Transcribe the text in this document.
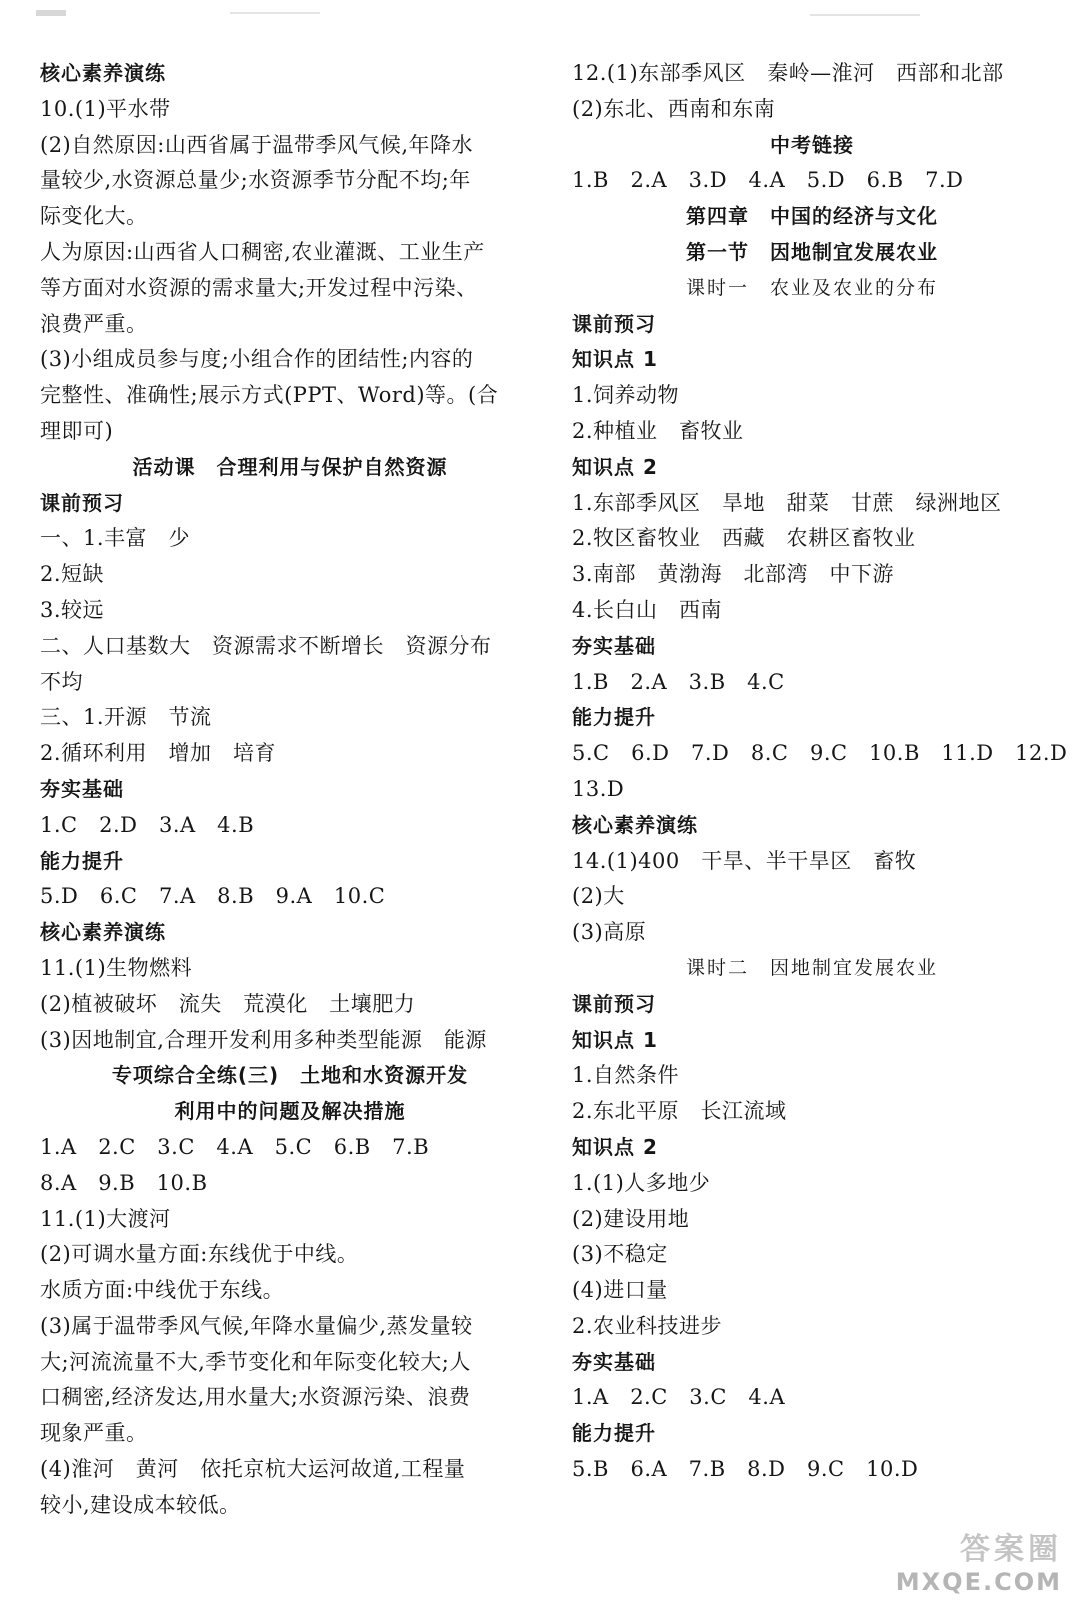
核心素养演练
10.(1)平水带
(2)自然原因:山西省属于温带季风气候,年降水
量较少,水资源总量少;水资源季节分配不均;年
际变化大。
人为原因:山西省人口稠密,农业灌溉、工业生产
等方面对水资源的需求量大;开发过程中污染、
浪费严重。
(3)小组成员参与度;小组合作的团结性;内容的
完整性、准确性;展示方式(PPT、Word)等。(合
理即可)
活动课　合理利用与保护自然资源
课前预习
一、1.丰富　少
2.短缺
3.较远
二、人口基数大　资源需求不断增长　资源分布
不均
三、1.开源　节流
2.循环利用　增加　培育
夯实基础
1.C　2.D　3.A　4.B
能力提升
5.D　6.C　7.A　8.B　9.A　10.C
核心素养演练
11.(1)生物燃料
(2)植被破坏　流失　荒漠化　土壤肥力
(3)因地制宜,合理开发利用多种类型能源　能源
专项综合全练(三)　土地和水资源开发
利用中的问题及解决措施
1.A　2.C　3.C　4.A　5.C　6.B　7.B
8.A　9.B　10.B
11.(1)大渡河
(2)可调水量方面:东线优于中线。
水质方面:中线优于东线。
(3)属于温带季风气候,年降水量偏少,蒸发量较
大;河流流量不大,季节变化和年际变化较大;人
口稠密,经济发达,用水量大;水资源污染、浪费
现象严重。
(4)淮河　黄河　依托京杭大运河故道,工程量
较小,建设成本较低。
12.(1)东部季风区　秦岭—淮河　西部和北部
(2)东北、西南和东南
中考链接
1.B　2.A　3.D　4.A　5.D　6.B　7.D
第四章　中国的经济与文化
第一节　因地制宜发展农业
课时一　农业及农业的分布
课前预习
知识点 1
1.饲养动物
2.种植业　畜牧业
知识点 2
1.东部季风区　旱地　甜菜　甘蔗　绿洲地区
2.牧区畜牧业　西藏　农耕区畜牧业
3.南部　黄渤海　北部湾　中下游
4.长白山　西南
夯实基础
1.B　2.A　3.B　4.C
能力提升
5.C　6.D　7.D　8.C　9.C　10.B　11.D　12.D
13.D
核心素养演练
14.(1)400　干旱、半干旱区　畜牧
(2)大
(3)高原
课时二　因地制宜发展农业
课前预习
知识点 1
1.自然条件
2.东北平原　长江流域
知识点 2
1.(1)人多地少
(2)建设用地
(3)不稳定
(4)进口量
2.农业科技进步
夯实基础
1.A　2.C　3.C　4.A
能力提升
5.B　6.A　7.B　8.D　9.C　10.D
答案圈
MXQE.COM
